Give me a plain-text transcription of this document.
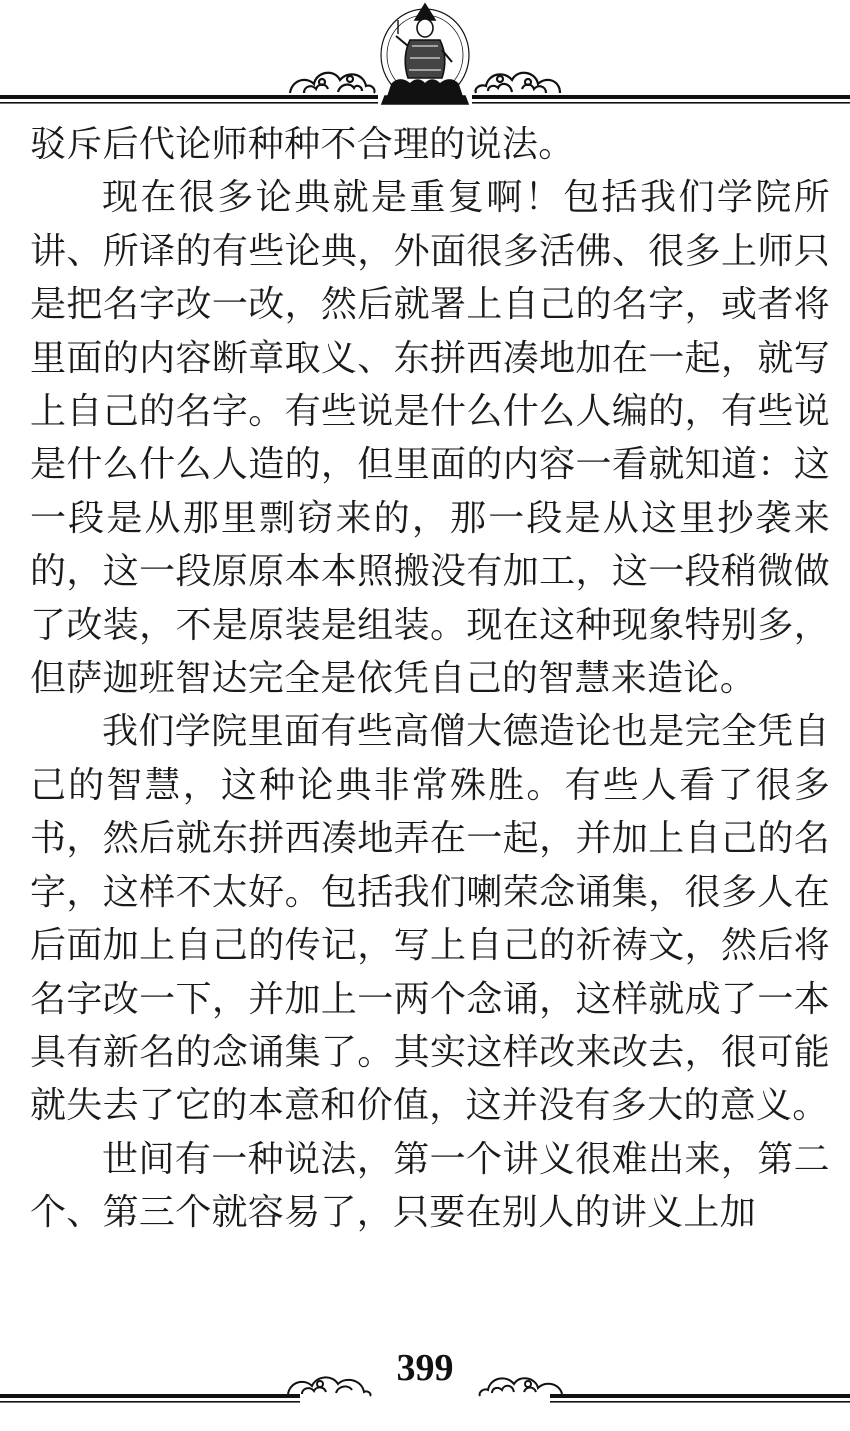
驳斥后代论师种种不合理的说法。

现在很多论典就是重复啊！包括我们学院所讲、所译的有些论典，外面很多活佛、很多上师只是把名字改一改，然后就署上自己的名字，或者将里面的内容断章取义、东拼西凑地加在一起，就写上自己的名字。有些说是什么什么人编的，有些说是什么什么人造的，但里面的内容一看就知道：这一段是从那里剽窃来的，那一段是从这里抄袭来的，这一段原原本本照搬没有加工，这一段稍微做了改装，不是原装是组装。现在这种现象特别多，但萨迦班智达完全是依凭自己的智慧来造论。

我们学院里面有些高僧大德造论也是完全凭自己的智慧，这种论典非常殊胜。有些人看了很多书，然后就东拼西凑地弄在一起，并加上自己的名字，这样不太好。包括我们喇荣念诵集，很多人在后面加上自己的传记，写上自己的祈祷文，然后将名字改一下，并加上一两个念诵，这样就成了一本具有新名的念诵集了。其实这样改来改去，很可能就失去了它的本意和价值，这并没有多大的意义。

世间有一种说法，第一个讲义很难出来，第二个、第三个就容易了，只要在别人的讲义上加

399
